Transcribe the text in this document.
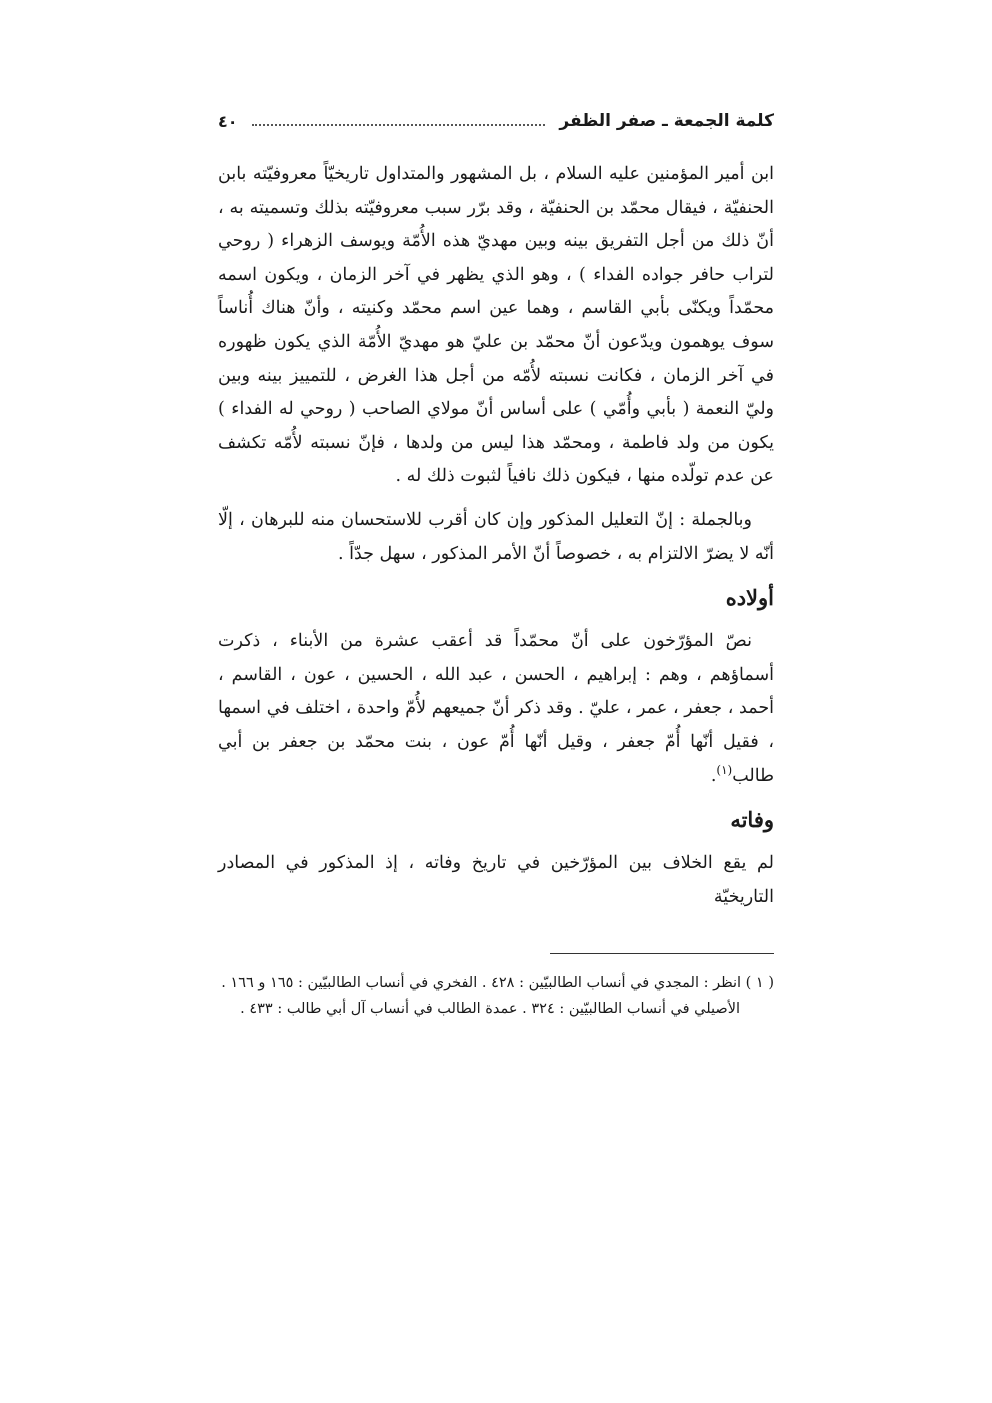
كلمة الجمعة ـ صفر الظفر
٤٠

ابن أمير المؤمنين عليه السلام ، بل المشهور والمتداول تاريخيّاً معروفيّته بابن الحنفيّة ، فيقال محمّد بن الحنفيّة ، وقد برّر سبب معروفيّته بذلك وتسميته به ، أنّ ذلك من أجل التفريق بينه وبين مهديّ هذه الأُمّة ويوسف الزهراء ( روحي لتراب حافر جواده الفداء ) ، وهو الذي يظهر في آخر الزمان ، ويكون اسمه محمّداً ويكنّى بأبي القاسم ، وهما عين اسم محمّد وكنيته ، وأنّ هناك أُناساً سوف يوهمون ويدّعون أنّ محمّد بن عليّ هو مهديّ الأُمّة الذي يكون ظهوره في آخر الزمان ، فكانت نسبته لأُمّه من أجل هذا الغرض ، للتمييز بينه وبين وليّ النعمة ( بأبي وأُمّي ) على أساس أنّ مولاي الصاحب ( روحي له الفداء ) يكون من ولد فاطمة ، ومحمّد هذا ليس من ولدها ، فإنّ نسبته لأُمّه تكشف عن عدم تولّده منها ، فيكون ذلك نافياً لثبوت ذلك له .

وبالجملة : إنّ التعليل المذكور وإن كان أقرب للاستحسان منه للبرهان ، إلّا أنّه لا يضرّ الالتزام به ، خصوصاً أنّ الأمر المذكور ، سهل جدّاً .

أولاده

نصّ المؤرّخون على أنّ محمّداً قد أعقب عشرة من الأبناء ، ذكرت أسماؤهم ، وهم : إبراهيم ، الحسن ، عبد الله ، الحسين ، عون ، القاسم ، أحمد ، جعفر ، عمر ، عليّ . وقد ذكر أنّ جميعهم لأُمّ واحدة ، اختلف في اسمها ، فقيل أنّها أُمّ جعفر ، وقيل أنّها أُمّ عون ، بنت محمّد بن جعفر بن أبي طالب$^{(١)}$.

وفاته

لم يقع الخلاف بين المؤرّخين في تاريخ وفاته ، إذ المذكور في المصادر التاريخيّة

( ١ ) انظر : المجدي في أنساب الطالبيّين : ٤٢٨ . الفخري في أنساب الطالبيّين : ١٦٥ و ١٦٦ .

الأصيلي في أنساب الطالبيّين : ٣٢٤ . عمدة الطالب في أنساب آل أبي طالب : ٤٣٣ .
